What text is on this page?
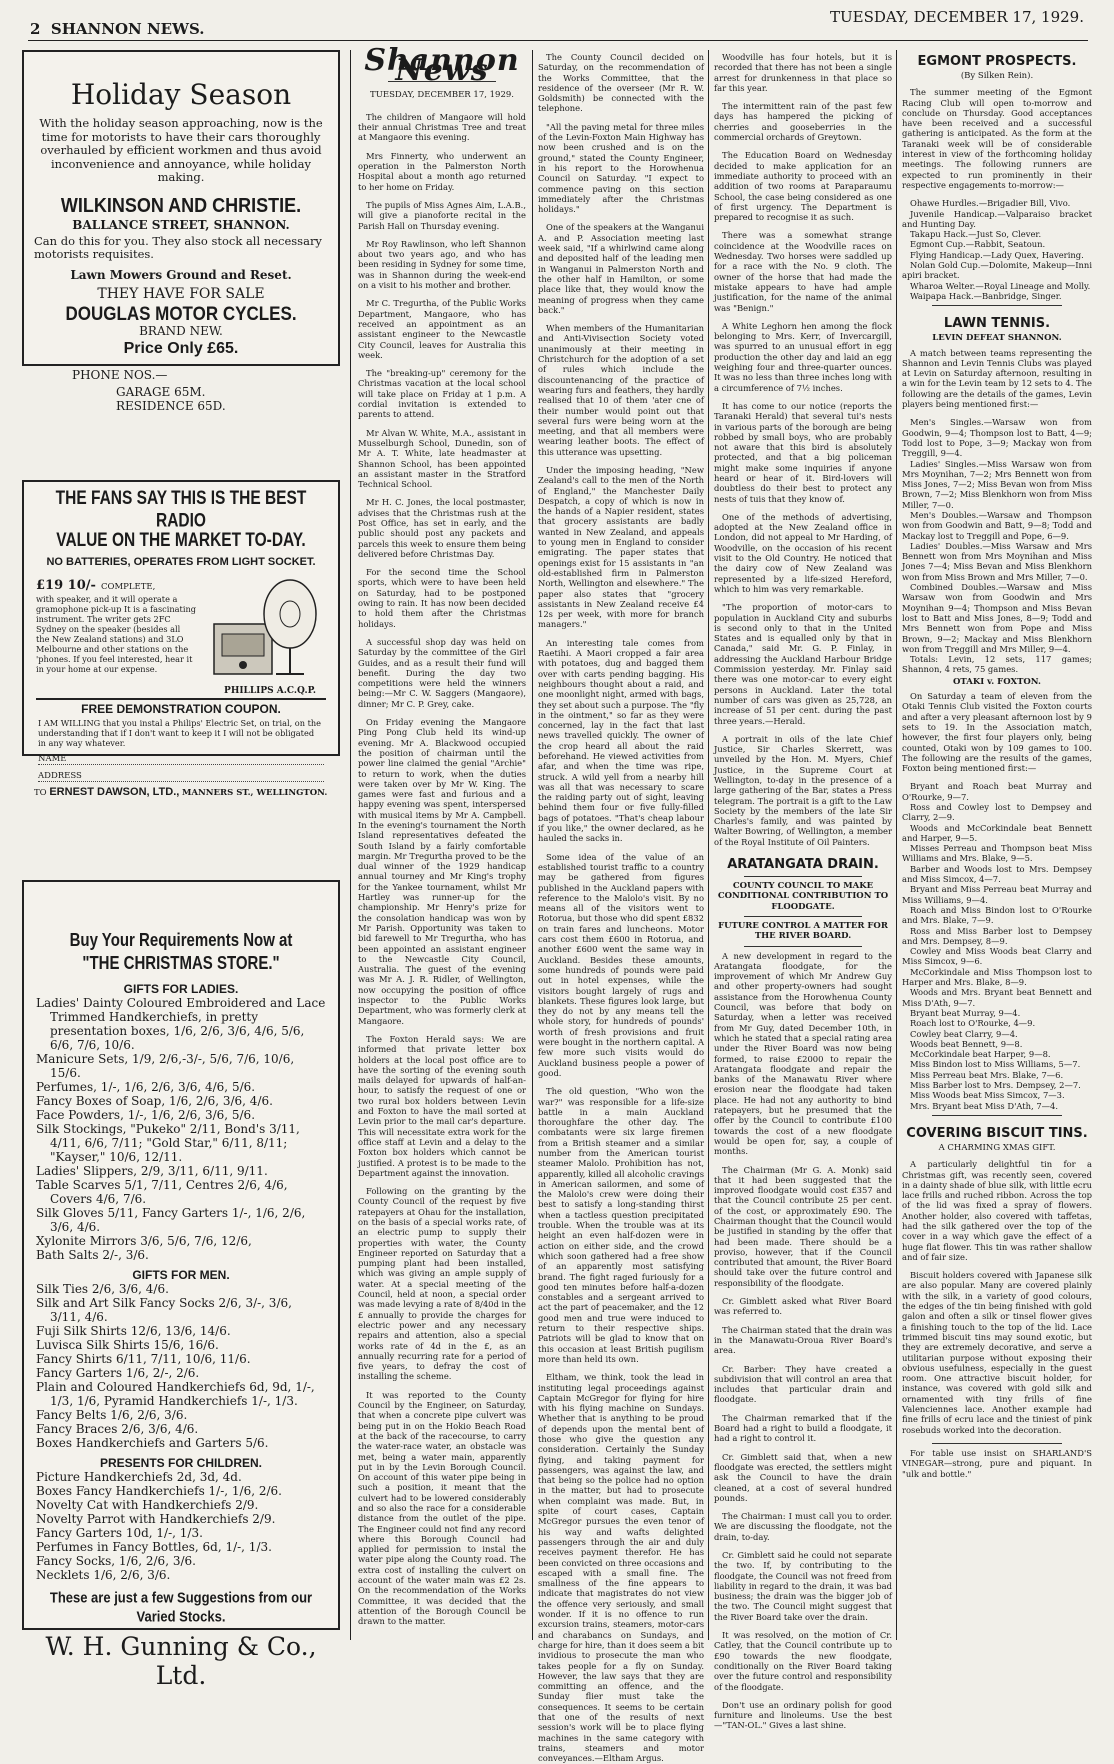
2 SHANNON NEWS.
TUESDAY, DECEMBER 17, 1929.
Holiday Season
With the holiday season approaching, now is the time for motorists to have their cars thoroughly overhauled by efficient workmen and thus avoid inconvenience and annoyance, while holiday making.
WILKINSON AND CHRISTIE.
BALLANCE STREET, SHANNON.
Can do this for you. They also stock all necessary motorists requisites.
Lawn Mowers Ground and Reset.
THEY HAVE FOR SALE
DOUGLAS MOTOR CYCLES.
BRAND NEW.
Price Only £65.
PHONE NOS.—
GARAGE 65M.
RESIDENCE 65D.
THE FANS SAY THIS IS THE BEST RADIO
VALUE ON THE MARKET TO-DAY.
NO BATTERIES, OPERATES FROM LIGHT SOCKET.
£19 10/- COMPLETE,
with speaker, and it will operate a gramophone pick-up It is a fascinating instrument. The writer gets 2FC Sydney on the speaker (besides all the New Zealand stations) and 3LO Melbourne and other stations on the 'phones. If you feel interested, hear it in your home at our expense.
PHILLIPS A.C.Q.P.
FREE DEMONSTRATION COUPON.
I AM WILLING that you instal a Philips' Electric Set, on trial, on the understanding that if I don't want to keep it I will not be obligated in any way whatever.
NAME
ADDRESS
TO ERNEST DAWSON, LTD., MANNERS ST., WELLINGTON.
Buy Your Requirements Now at
"THE CHRISTMAS STORE."
GIFTS FOR LADIES.
Ladies' Dainty Coloured Embroidered and Lace Trimmed Handkerchiefs, in pretty presentation boxes, 1/6, 2/6, 3/6, 4/6, 5/6, 6/6, 7/6, 10/6.
Manicure Sets, 1/9, 2/6,-3/-, 5/6, 7/6, 10/6, 15/6.
Perfumes, 1/-, 1/6, 2/6, 3/6, 4/6, 5/6.
Fancy Boxes of Soap, 1/6, 2/6, 3/6, 4/6.
Face Powders, 1/-, 1/6, 2/6, 3/6, 5/6.
Silk Stockings, "Pukeko" 2/11, Bond's 3/11, 4/11, 6/6, 7/11; "Gold Star," 6/11, 8/11; "Kayser," 10/6, 12/11.
Ladies' Slippers, 2/9, 3/11, 6/11, 9/11.
Table Scarves 5/1, 7/11, Centres 2/6, 4/6, Covers 4/6, 7/6.
Silk Gloves 5/11, Fancy Garters 1/-, 1/6, 2/6, 3/6, 4/6.
Xylonite Mirrors 3/6, 5/6, 7/6, 12/6,
Bath Salts 2/-, 3/6.
GIFTS FOR MEN.
Silk Ties 2/6, 3/6, 4/6.
Silk and Art Silk Fancy Socks 2/6, 3/-, 3/6, 3/11, 4/6.
Fuji Silk Shirts 12/6, 13/6, 14/6.
Luvisca Silk Shirts 15/6, 16/6.
Fancy Shirts 6/11, 7/11, 10/6, 11/6.
Fancy Garters 1/6, 2/-, 2/6.
Plain and Coloured Handkerchiefs 6d, 9d, 1/-, 1/3, 1/6, Pyramid Handkerchiefs 1/-, 1/3.
Fancy Belts 1/6, 2/6, 3/6.
Fancy Braces 2/6, 3/6, 4/6.
Boxes Handkerchiefs and Garters 5/6.
PRESENTS FOR CHILDREN.
Picture Handkerchiefs 2d, 3d, 4d.
Boxes Fancy Handkerchiefs 1/-, 1/6, 2/6.
Novelty Cat with Handkerchiefs 2/9.
Novelty Parrot with Handkerchiefs 2/9.
Fancy Garters 10d, 1/-, 1/3.
Perfumes in Fancy Bottles, 6d, 1/-, 1/3.
Fancy Socks, 1/6, 2/6, 3/6.
Necklets 1/6, 2/6, 3/6.
These are just a few Suggestions from our
Varied Stocks.
W. H. Gunning & Co., Ltd.
Shannon News
TUESDAY, DECEMBER 17, 1929.

The children of Mangaore will hold their annual Christmas Tree and treat at Mangaore this evening.

Mrs Finnerty, who underwent an operation in the Palmerston North Hospital about a month ago returned to her home on Friday.

The pupils of Miss Agnes Aim, L.A.B., will give a pianoforte recital in the Parish Hall on Thursday evening.

Mr Roy Rawlinson, who left Shannon about two years ago, and who has been residing in Sydney for some time, was in Shannon during the week-end on a visit to his mother and brother.

Mr C. Tregurtha, of the Public Works Department, Mangaore, who has received an appointment as an assistant engineer to the Newcastle City Council, leaves for Australia this week.

The "breaking-up" ceremony for the Christmas vacation at the local school will take place on Friday at 1 p.m. A cordial invitation is extended to parents to attend.

Mr Alvan W. White, M.A., assistant in Musselburgh School, Dunedin, son of Mr A. T. White, late headmaster at Shannon School, has been appointed an assistant master in the Stratford Technical School.

Mr H. C. Jones, the local postmaster, advises that the Christmas rush at the Post Office, has set in early, and the public should post any packets and parcels this week to ensure them being delivered before Christmas Day.

For the second time the School sports, which were to have been held on Saturday, had to be postponed owing to rain. It has now been decided to hold them after the Christmas holidays.

A successful shop day was held on Saturday by the committee of the Girl Guides, and as a result their fund will benefit. During the day two competitions were held the winners being:—Mr C. W. Saggers (Mangaore), dinner; Mr C. P. Grey, cake.

On Friday evening the Mangaore Ping Pong Club held its wind-up evening. Mr A. Blackwood occupied the position of chairman until the power line claimed the genial "Archie" to return to work, when the duties were taken over by Mr W. King. The games were fast and furious and a happy evening was spent, interspersed with musical items by Mr A. Campbell. In the evening's tournament the North Island representatives defeated the South Island by a fairly comfortable margin. Mr Tregurtha proved to be the dual winner of the 1929 handicap annual tourney and Mr King's trophy for the Yankee tournament, whilst Mr Hartley was runner-up for the championship. Mr Henry's prize for the consolation handicap was won by Mr Parish. Opportunity was taken to bid farewell to Mr Tregurtha, who has been appointed an assistant engineer to the Newcastle City Council, Australia. The guest of the evening was Mr A. J. R. Ridler, of Wellington, now occupying the position of office inspector to the Public Works Department, who was formerly clerk at Mangaore.

The Foxton Herald says: We are informed that private letter box holders at the local post office are to have the sorting of the evening south mails delayed for upwards of half-an-hour, to satisfy the request of one or two rural box holders between Levin and Foxton to have the mail sorted at Levin prior to the mail car's departure. This will necessitate extra work for the office staff at Levin and a delay to the Foxton box holders which cannot be justified. A protest is to be made to the Department against the innovation.

Following on the granting by the County Council of the request by five ratepayers at Ohau for the installation, on the basis of a special works rate, of an electric pump to supply their properties with water, the County Engineer reported on Saturday that a pumping plant had been installed, which was giving an ample supply of water. At a special meeting of the Council, held at noon, a special order was made levying a rate of 8/40d in the £ annually to provide the charges for electric power and any necessary repairs and attention, also a special works rate of 4d in the £, as an annually recurring rate for a period of five years, to defray the cost of installing the scheme.

It was reported to the County Council by the Engineer, on Saturday, that when a concrete pipe culvert was being put in on the Hokio Beach Road at the back of the racecourse, to carry the water-race water, an obstacle was met, being a water main, apparently put in by the Levin Borough Council. On account of this water pipe being in such a position, it meant that the culvert had to be lowered considerably and so also the race for a considerable distance from the outlet of the pipe. The Engineer could not find any record where this Borough Council had applied for permission to instal the water pipe along the County road. The extra cost of installing the culvert on account of the water main was £2 2s. On the recommendation of the Works Committee, it was decided that the attention of the Borough Council be drawn to the matter.

The County Council decided on Saturday, on the recommendation of the Works Committee, that the residence of the overseer (Mr R. W. Goldsmith) be connected with the telephone.

"All the paving metal for three miles of the Levin-Foxton Main Highway has now been crushed and is on the ground," stated the County Engineer, in his report to the Horowhenua Council on Saturday. "I expect to commence paving on this section immediately after the Christmas holidays."

One of the speakers at the Wanganui A. and P. Association meeting last week said, "If a whirlwind came along and deposited half of the leading men in Wanganui in Palmerston North and the other half in Hamilton, or some place like that, they would know the meaning of progress when they came back."

When members of the Humanitarian and Anti-Vivisection Society voted unanimously at their meeting in Christchurch for the adoption of a set of rules which include the discountenancing of the practice of wearing furs and feathers, they hardly realised that 10 of them 'ater cne of their number would point out that several furs were being worn at the meeting, and that all members were wearing leather boots. The effect of this utterance was upsetting.

Under the imposing heading, "New Zealand's call to the men of the North of England," the Manchester Daily Despatch, a copy of which is now in the hands of a Napier resident, states that grocery assistants are badly wanted in New Zealand, and appeals to young men in England to consider emigrating. The paper states that openings exist for 15 assistants in "an old-established firm in Palmerston North, Wellington and elsewhere." The paper also states that "grocery assistants in New Zealand receive £4 12s per week, with more for branch managers."

An interesting tale comes from Raetihi. A Maori cropped a fair area with potatoes, dug and bagged them over with carts pending bagging. His neighbours thought about a raid, and one moonlight night, armed with bags, they set about such a purpose. The "fly in the ointment," so far as they were concerned, lay in the fact that last news travelled quickly. The owner of the crop heard all about the raid beforehand. He viewed activities from afar, and when the time was ripe, struck. A wild yell from a nearby hill was all that was necessary to scare the raiding party out of sight, leaving behind them four or five fully-filled bags of potatoes. "That's cheap labour if you like," the owner declared, as he hauled the sacks in.

Some idea of the value of an established tourist traffic to a country may be gathered from figures published in the Auckland papers with reference to the Malolo's visit. By no means all of the visitors went to Rotorua, but those who did spent £832 on train fares and luncheons. Motor cars cost them £600 in Rotorua, and another £600 went the same way in Auckland. Besides these amounts, some hundreds of pounds were paid out in hotel expenses, while the visitors bought largely of rugs and blankets. These figures look large, but they do not by any means tell the whole story, for hundreds of pounds' worth of fresh provisions and fruit were bought in the northern capital. A few more such visits would do Auckland business people a power of good.

The old question, "Who won the war?" was responsible for a life-size battle in a main Auckland thoroughfare the other day. The combatants were six large firemen from a British steamer and a similar number from the American tourist steamer Malolo. Prohibition has not, apparently, killed all alcoholic cravings in American sailormen, and some of the Malolo's crew were doing their best to satisfy a long-standing thirst when a tactless question precipitated trouble. When the trouble was at its height an even half-dozen were in action on either side, and the crowd which soon gathered had a free show of an apparently most satisfying brand. The fight raged furiously for a good ten minutes before half-a-dozen constables and a sergeant arrived to act the part of peacemaker, and the 12 good men and true were induced to return to their respective ships. Patriots will be glad to know that on this occasion at least British pugilism more than held its own.

Eltham, we think, took the lead in instituting legal proceedings against Captain McGregor for flying for hire with his flying machine on Sundays. Whether that is anything to be proud of depends upon the mental bent of those who give the question any consideration. Certainly the Sunday flying, and taking payment for passengers, was against the law, and that being so the police had no option in the matter, but had to prosecute when complaint was made. But, in spite of court cases, Captain McGregor pursues the even tenor of his way and wafts delighted passengers through the air and duly receives payment therefor. He has been convicted on three occasions and escaped with a small fine. The smallness of the fine appears to indicate that magistrates do not view the offence very seriously, and small wonder. If it is no offence to run excursion trains, steamers, motor-cars and charabancs on Sundays, and charge for hire, than it does seem a bit invidious to prosecute the man who takes people for a fly on Sunday. However, the law says that they are committing an offence, and the Sunday flier must take the consequences. It seems to be certain that one of the results of next session's work will be to place flying machines in the same category with trains, steamers and motor conveyances.—Eltham Argus.

Woodville has four hotels, but it is recorded that there has not been a single arrest for drunkenness in that place so far this year.

The intermittent rain of the past few days has hampered the picking of cherries and gooseberries in the commercial orchards of Greytown.

The Education Board on Wednesday decided to make application for an immediate authority to proceed with an addition of two rooms at Paraparaumu School, the case being considered as one of first urgency. The Department is prepared to recognise it as such.

There was a somewhat strange coincidence at the Woodville races on Wednesday. Two horses were saddled up for a race with the No. 9 cloth. The owner of the horse that had made the mistake appears to have had ample justification, for the name of the animal was "Benign."

A White Leghorn hen among the flock belonging to Mrs. Kerr, of Invercargill, was spurred to an unusual effort in egg production the other day and laid an egg weighing four and three-quarter ounces. It was no less than three inches long with a circumference of 7½ inches.

It has come to our notice (reports the Taranaki Herald) that several tui's nests in various parts of the borough are being robbed by small boys, who are probably not aware that this bird is absolutely protected, and that a big policeman might make some inquiries if anyone heard or hear of it. Bird-lovers will doubtless do their best to protect any nests of tuis that they know of.

One of the methods of advertising, adopted at the New Zealand office in London, did not appeal to Mr Harding, of Woodville, on the occasion of his recent visit to the Old Country. He noticed that the dairy cow of New Zealand was represented by a life-sized Hereford, which to him was very remarkable.

"The proportion of motor-cars to population in Auckland City and suburbs is second only to that in the United States and is equalled only by that in Canada," said Mr. G. P. Finlay, in addressing the Auckland Harbour Bridge Commission yesterday. Mr. Finlay said there was one motor-car to every eight persons in Auckland. Later the total number of cars was given as 25,728, an increase of 51 per cent. during the past three years.—Herald.

A portrait in oils of the late Chief Justice, Sir Charles Skerrett, was unveiled by the Hon. M. Myers, Chief Justice, in the Supreme Court at Wellington, to-day in the presence of a large gathering of the Bar, states a Press telegram. The portrait is a gift to the Law Society by the members of the late Sir Charles's family, and was painted by Walter Bowring, of Wellington, a member of the Royal Institute of Oil Painters.

ARATANGATA DRAIN.
COUNTY COUNCIL TO MAKE CONDITIONAL CONTRIBUTION TO FLOODGATE.
FUTURE CONTROL A MATTER FOR THE RIVER BOARD.

A new development in regard to the Aratangata floodgate, for the improvement of which Mr Andrew Guy and other property-owners had sought assistance from the Horowhenua County Council, was before that body on Saturday, when a letter was received from Mr Guy, dated December 10th, in which he stated that a special rating area under the River Board was now being formed, to raise £2000 to repair the Aratangata floodgate and repair the banks of the Manawatu River where erosion near the floodgate had taken place. He had not any authority to bind ratepayers, but he presumed that the offer by the Council to contribute £100 towards the cost of a new floodgate would be open for, say, a couple of months.

The Chairman (Mr G. A. Monk) said that it had been suggested that the improved floodgate would cost £357 and that the Council contribute 25 per cent. of the cost, or approximately £90. The Chairman thought that the Council would be justified in standing by the offer that had been made. There should be a proviso, however, that if the Council contributed that amount, the River Board should take over the future control and responsibility of the floodgate.

Cr. Gimblett asked what River Board was referred to.

The Chairman stated that the drain was in the Manawatu-Oroua River Board's area.

Cr. Barber: They have created a subdivision that will control an area that includes that particular drain and floodgate.

The Chairman remarked that if the Board had a right to build a floodgate, it had a right to control it.

Cr. Gimblett said that, when a new floodgate was erected, the settlers might ask the Council to have the drain cleaned, at a cost of several hundred pounds.

The Chairman: I must call you to order. We are discussing the floodgate, not the drain, to-day.

Cr. Gimblett said he could not separate the two. If, by contributing to the floodgate, the Council was not freed from liability in regard to the drain, it was bad business; the drain was the bigger job of the two. The Council might suggest that the River Board take over the drain.

It was resolved, on the motion of Cr. Catley, that the Council contribute up to £90 towards the new floodgate, conditionally on the River Board taking over the future control and responsibility of the floodgate.

Don't use an ordinary polish for good furniture and linoleums. Use the best—"TAN-OL." Gives a last shine.

EGMONT PROSPECTS.
(By Silken Rein).

The summer meeting of the Egmont Racing Club will open to-morrow and conclude on Thursday. Good acceptances have been received and a successful gathering is anticipated. As the form at the Taranaki week will be of considerable interest in view of the forthcoming holiday meetings. The following runners are expected to run prominently in their respective engagements to-morrow:—

Ohawe Hurdles.—Brigadier Bill, Vivo.

Juvenile Handicap.—Valparaiso bracket and Hunting Day.

Takapu Hack.—Just So, Clever.

Egmont Cup.—Rabbit, Seatoun.

Flying Handicap.—Lady Quex, Havering.

Nolan Gold Cup.—Dolomite, Makeup—Inni apiri bracket.

Wharoa Welter.—Royal Lineage and Molly.

Waipapa Hack.—Banbridge, Singer.

LAWN TENNIS.
LEVIN DEFEAT SHANNON.

A match between teams representing the Shannon and Levin Tennis Clubs was played at Levin on Saturday afternoon, resulting in a win for the Levin team by 12 sets to 4. The following are the details of the games, Levin players being mentioned first:—

Men's Singles.—Warsaw won from Goodwin, 9—4; Thompson lost to Batt, 4—9; Todd lost to Pope, 3—9; Mackay won from Treggill, 9—4.

Ladies' Singles.—Miss Warsaw won from Mrs Moynihan, 7—2; Mrs Bennett won from Miss Jones, 7—2; Miss Bevan won from Miss Brown, 7—2; Miss Blenkhorn won from Miss Miller, 7—0.

Men's Doubles.—Warsaw and Thompson won from Goodwin and Batt, 9—8; Todd and Mackay lost to Treggill and Pope, 6—9.

Ladies' Doubles.—Miss Warsaw and Mrs Bennett won from Mrs Moynihan and Miss Jones 7—4; Miss Bevan and Miss Blenkhorn won from Miss Brown and Mrs Miller, 7—0.

Combined Doubles.—Warsaw and Miss Warsaw won from Goodwin and Mrs Moynihan 9—4; Thompson and Miss Bevan lost to Batt and Miss Jones, 8—9; Todd and Mrs Bennett won from Pope and Miss Brown, 9—2; Mackay and Miss Blenkhorn won from Treggill and Mrs Miller, 9—4.

Totals: Levin, 12 sets, 117 games; Shannon, 4 rets, 75 games.

OTAKI v. FOXTON.

On Saturday a team of eleven from the Otaki Tennis Club visited the Foxton courts and after a very pleasant afternoon lost by 9 sets to 19. In the Association match, however, the first four players only, being counted, Otaki won by 109 games to 100. The following are the results of the games, Foxton being mentioned first:—

Bryant and Roach beat Murray and O'Rourke, 9—7.

Ross and Cowley lost to Dempsey and Clarry, 2—9.

Woods and McCorkindale beat Bennett and Harper, 9—5.

Misses Perreau and Thompson beat Miss Williams and Mrs. Blake, 9—5.

Barber and Woods lost to Mrs. Dempsey and Miss Simcox, 4—7.

Bryant and Miss Perreau beat Murray and Miss Williams, 9—4.

Roach and Miss Bindon lost to O'Rourke and Mrs. Blake, 7—9.

Ross and Miss Barber lost to Dempsey and Mrs. Dempsey, 8—9.

Cowley and Miss Woods beat Clarry and Miss Simcox, 9—6.

McCorkindale and Miss Thompson lost to Harper and Mrs. Blake, 8—9.

Woods and Mrs. Bryant beat Bennett and Miss D'Ath, 9—7.

Bryant beat Murray, 9—4.

Roach lost to O'Rourke, 4—9.

Cowley beat Clarry, 9—4.

Woods beat Bennett, 9—8.

McCorkindale beat Harper, 9—8.

Miss Bindon lost to Miss Williams, 5—7.

Miss Perreau beat Mrs. Blake, 7—6.

Miss Barber lost to Mrs. Dempsey, 2—7.

Miss Woods beat Miss Simcox, 7—3.

Mrs. Bryant beat Miss D'Ath, 7—4.

COVERING BISCUIT TINS.
A CHARMING XMAS GIFT.

A particularly delightful tin for a Christmas gift, was recently seen, covered in a dainty shade of blue silk, with little ecru lace frills and ruched ribbon. Across the top of the lid was fixed a spray of flowers. Another holder, also covered with taffetas, had the silk gathered over the top of the cover in a way which gave the effect of a huge flat flower. This tin was rather shallow and of fair size.

Biscuit holders covered with Japanese silk are also popular. Many are covered plainly with the silk, in a variety of good colours, the edges of the tin being finished with gold galon and often a silk or tinsel flower gives a finishing touch to the top of the lid. Lace trimmed biscuit tins may sound exotic, but they are extremely decorative, and serve a utilitarian purpose without exposing their obvious usefulness, especially in the guest room. One attractive biscuit holder, for instance, was covered with gold silk and ornamented with tiny frills of fine Valenciennes lace. Another example had fine frills of ecru lace and the tiniest of pink rosebuds worked into the decoration.

For table use insist on SHARLAND'S VINEGAR—strong, pure and piquant. In "ulk and bottle."
